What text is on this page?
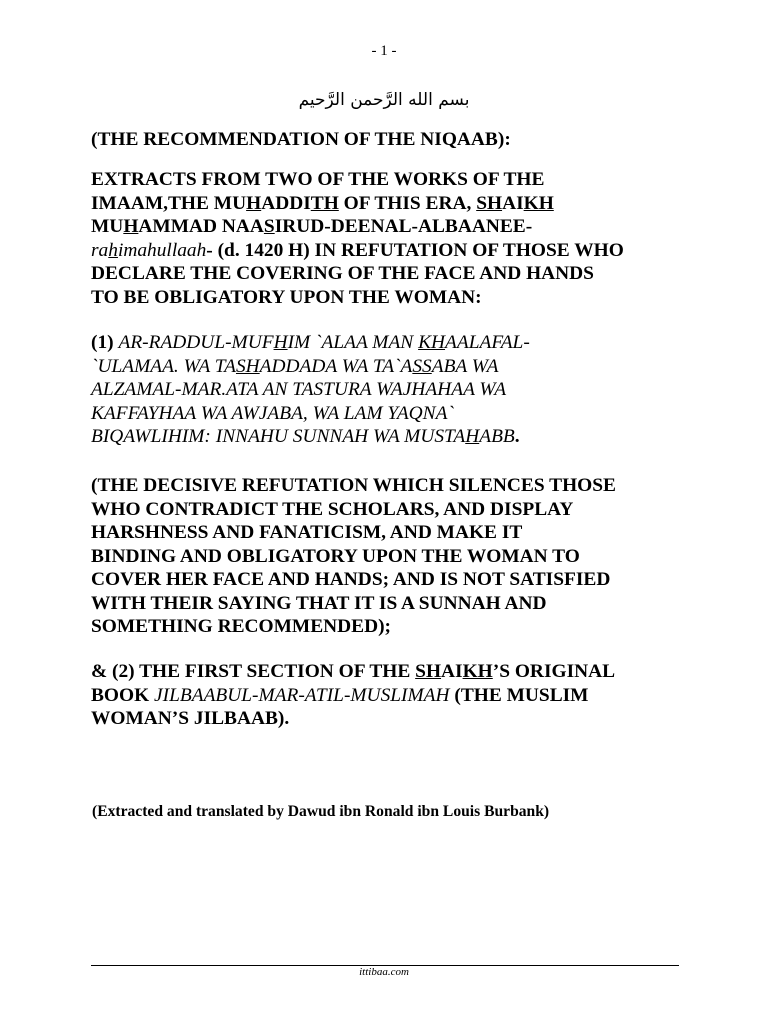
- 1 -
بسم الله الرَّحمن الرَّحيم
(THE RECOMMENDATION OF THE NIQAAB):
EXTRACTS FROM TWO OF THE WORKS OF THE
IMAAM,THE MUHADDITH OF THIS ERA, SHAIKH
MUHAMMAD NAASIRUD-DEENAL-ALBAANEE-
rahimahullaah- (d. 1420 H) IN REFUTATION OF THOSE WHO
DECLARE THE COVERING OF THE FACE AND HANDS
TO BE OBLIGATORY UPON THE WOMAN:
(1) AR-RADDUL-MUFHIM `ALAA MAN KHAALAFAL-
`ULAMAA. WA TASHADDADA WA TA`ASSABA WA
ALZAMAL-MAR.ATA AN TASTURA WAJHAHAA WA
KAFFAYHAA WA AWJABA, WA LAM YAQNA`
BIQAWLIHIM: INNAHU SUNNAH WA MUSTAHABB.
(THE DECISIVE REFUTATION WHICH SILENCES THOSE
WHO CONTRADICT THE SCHOLARS, AND DISPLAY
HARSHNESS AND FANATICISM, AND MAKE IT
BINDING AND OBLIGATORY UPON THE WOMAN TO
COVER HER FACE AND HANDS; AND IS NOT SATISFIED
WITH THEIR SAYING THAT IT IS A SUNNAH AND
SOMETHING RECOMMENDED);
& (2) THE FIRST SECTION OF THE SHAIKH’S ORIGINAL
BOOK JILBAABUL-MAR-ATIL-MUSLIMAH (THE MUSLIM
WOMAN’S JILBAAB).
(Extracted and translated by Dawud ibn Ronald ibn Louis Burbank)
ittibaa.com
